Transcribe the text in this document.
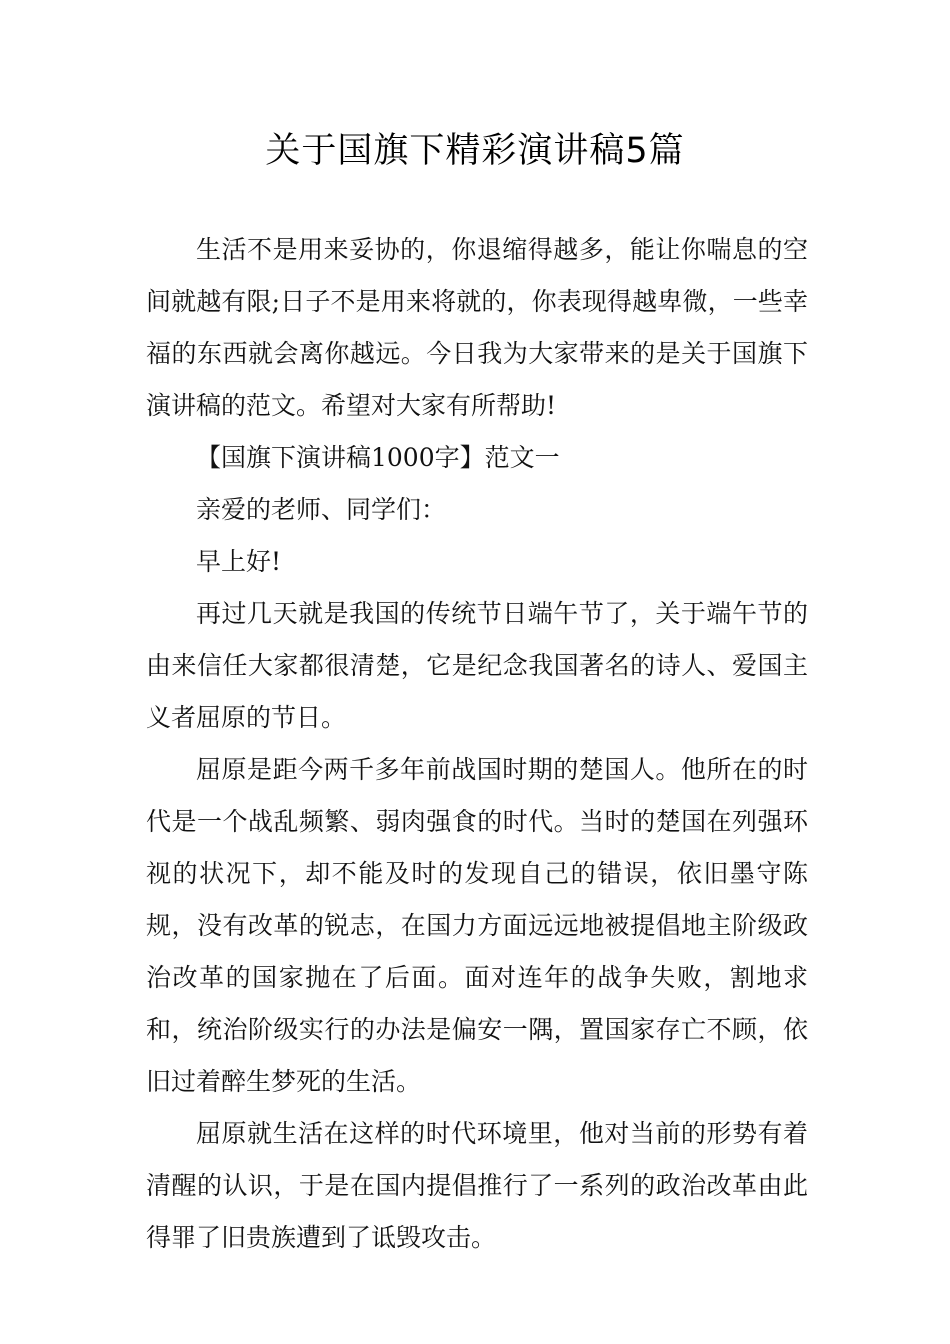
关于国旗下精彩演讲稿5篇

生活不是用来妥协的，你退缩得越多，能让你喘息的空间就越有限;日子不是用来将就的，你表现得越卑微，一些幸福的东西就会离你越远。今日我为大家带来的是关于国旗下演讲稿的范文。希望对大家有所帮助!

【国旗下演讲稿1000字】范文一

亲爱的老师、同学们：

早上好!

再过几天就是我国的传统节日端午节了，关于端午节的由来信任大家都很清楚，它是纪念我国著名的诗人、爱国主义者屈原的节日。

屈原是距今两千多年前战国时期的楚国人。他所在的时代是一个战乱频繁、弱肉强食的时代。当时的楚国在列强环视的状况下，却不能及时的发现自己的错误，依旧墨守陈规，没有改革的锐志，在国力方面远远地被提倡地主阶级政治改革的国家抛在了后面。面对连年的战争失败，割地求和，统治阶级实行的办法是偏安一隅，置国家存亡不顾，依旧过着醉生梦死的生活。

屈原就生活在这样的时代环境里，他对当前的形势有着清醒的认识，于是在国内提倡推行了一系列的政治改革由此得罪了旧贵族遭到了诋毁攻击。
